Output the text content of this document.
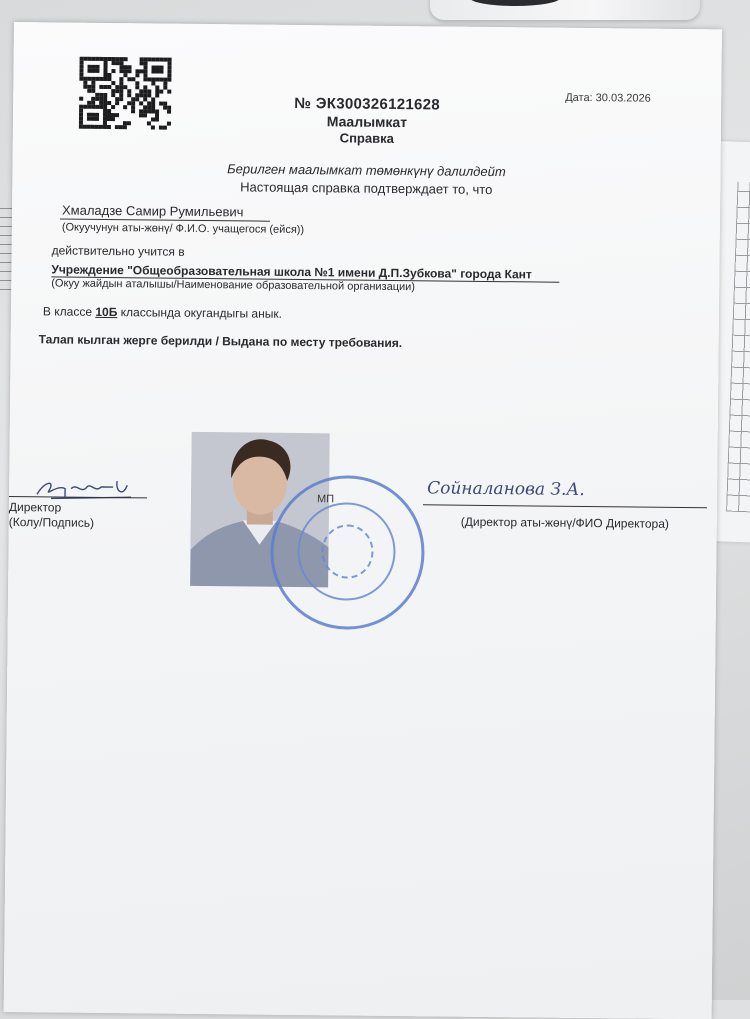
Дата: 30.03.2026
№ ЭК300326121628
Маалымкат
Справка
Берилген маалымкат төмөнкүнү далилдейт
Настоящая справка подтверждает то, что
Хмаладзе Самир Румильевич
(Окуучунун аты-жөнү/ Ф.И.О. учащегося (ейся))
действительно учится в
Учреждение "Общеобразовательная школа №1 имени Д.П.Зубкова" города Кант
(Окуу жайдын аталышы/Наименование образовательной организации)
В классе 10Б классында окугандыгы анык.
Талап кылган жерге берилди / Выдана по месту требования.
Директор
(Колу/Подпись)
МП	Сойналанова З.А.
(Директор аты-жөнү/ФИО Директора)
